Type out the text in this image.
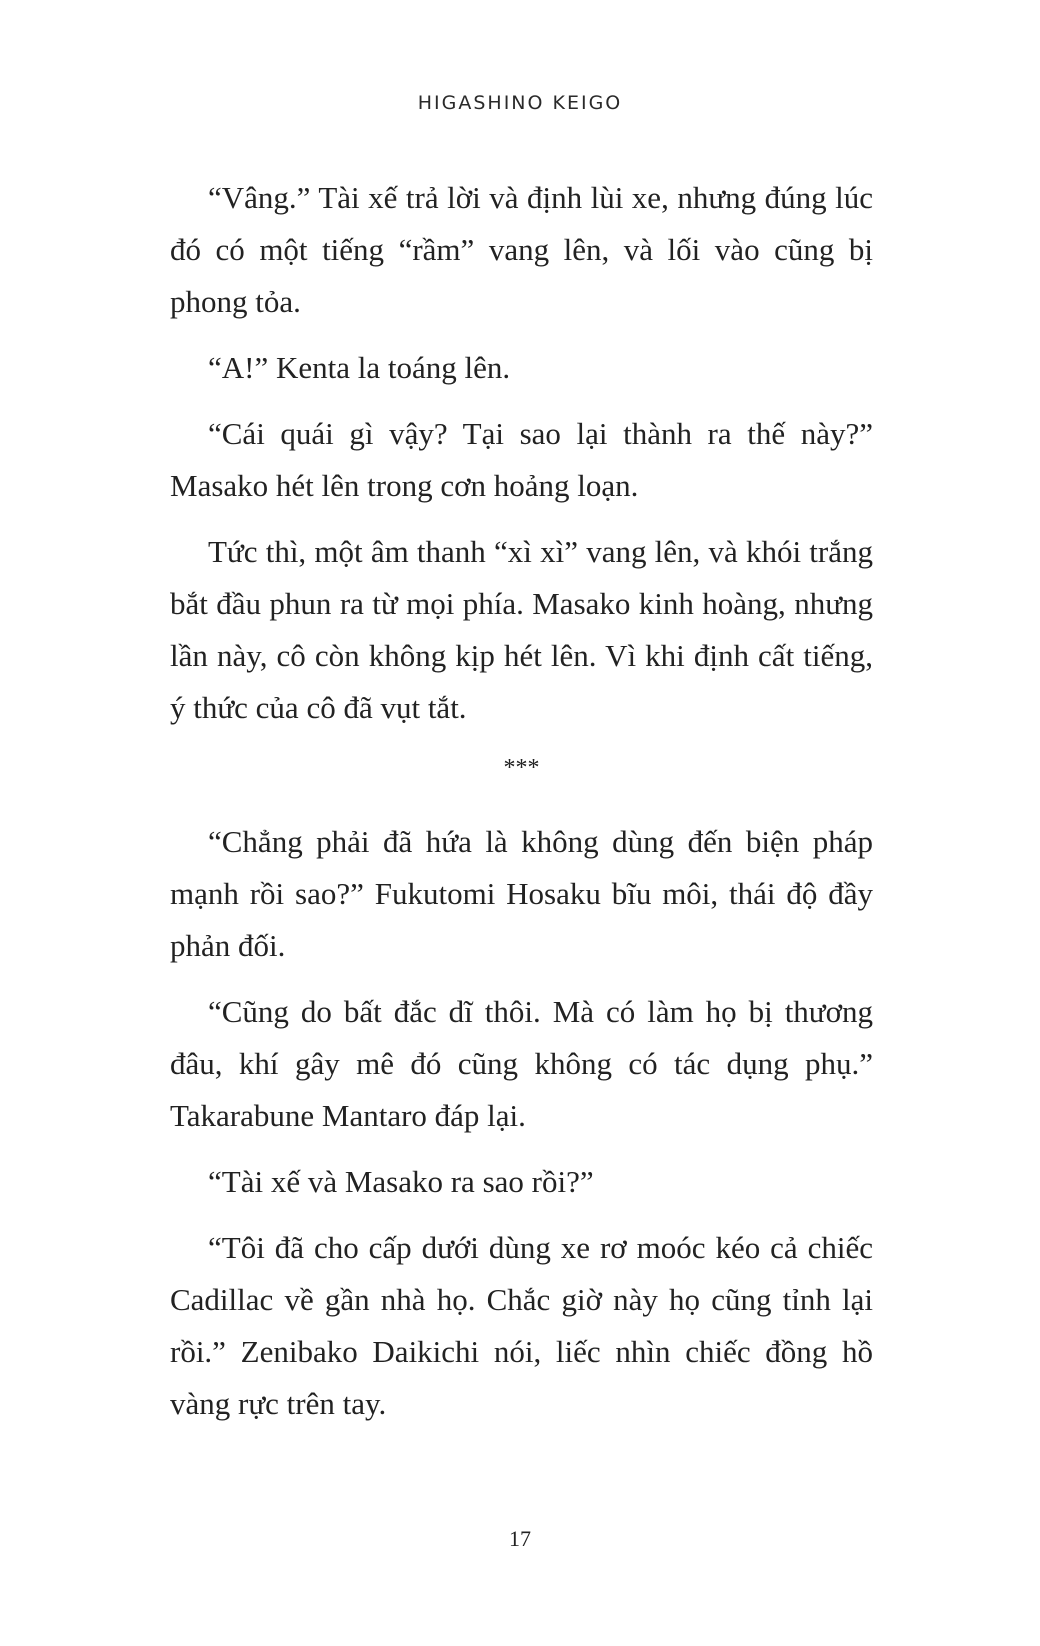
HIGASHINO KEIGO

“Vâng.” Tài xế trả lời và định lùi xe, nhưng đúng lúc đó có một tiếng “rầm” vang lên, và lối vào cũng bị phong tỏa.

“A!” Kenta la toáng lên.

“Cái quái gì vậy? Tại sao lại thành ra thế này?” Masako hét lên trong cơn hoảng loạn.

Tức thì, một âm thanh “xì xì” vang lên, và khói trắng bắt đầu phun ra từ mọi phía. Masako kinh hoàng, nhưng lần này, cô còn không kịp hét lên. Vì khi định cất tiếng, ý thức của cô đã vụt tắt.

***

“Chẳng phải đã hứa là không dùng đến biện pháp mạnh rồi sao?” Fukutomi Hosaku bĩu môi, thái độ đầy phản đối.

“Cũng do bất đắc dĩ thôi. Mà có làm họ bị thương đâu, khí gây mê đó cũng không có tác dụng phụ.” Takarabune Mantaro đáp lại.

“Tài xế và Masako ra sao rồi?”

“Tôi đã cho cấp dưới dùng xe rơ moóc kéo cả chiếc Cadillac về gần nhà họ. Chắc giờ này họ cũng tỉnh lại rồi.” Zenibako Daikichi nói, liếc nhìn chiếc đồng hồ vàng rực trên tay.

17
